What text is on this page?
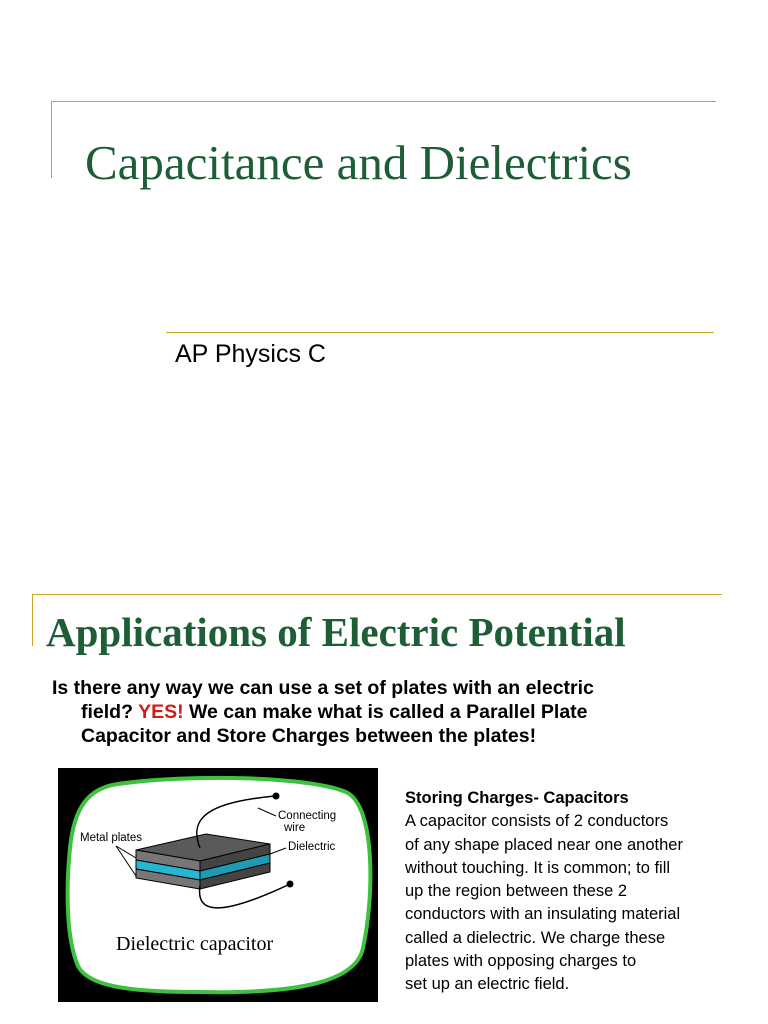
Capacitance and Dielectrics
AP Physics C
Applications of Electric Potential
Is there any way we can use a set of plates with an electric
field? YES! We can make what is called a Parallel Plate
Capacitor and Store Charges between the plates!
Metal plates
Connecting
wire
Dielectric
Dielectric capacitor
Storing Charges- Capacitors
A capacitor consists of 2 conductors
of any shape placed near one another
without touching. It is common; to fill
up the region between these 2
conductors with an insulating material
called a dielectric. We charge these
plates with opposing charges to
set up an electric field.
